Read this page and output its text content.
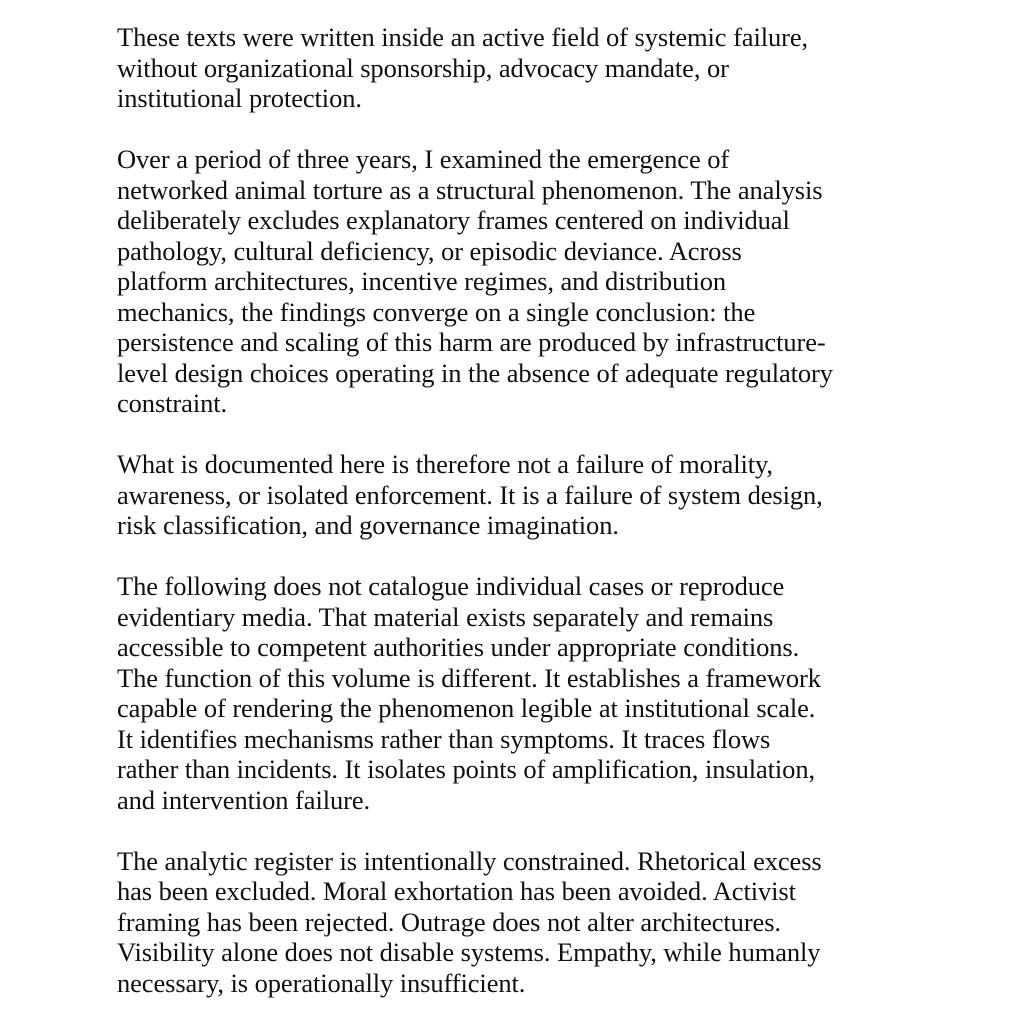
These texts were written inside an active field of systemic failure,
without organizational sponsorship, advocacy mandate, or
institutional protection.

Over a period of three years, I examined the emergence of
networked animal torture as a structural phenomenon. The analysis
deliberately excludes explanatory frames centered on individual
pathology, cultural deficiency, or episodic deviance. Across
platform architectures, incentive regimes, and distribution
mechanics, the findings converge on a single conclusion: the
persistence and scaling of this harm are produced by infrastructure-
level design choices operating in the absence of adequate regulatory
constraint.

What is documented here is therefore not a failure of morality,
awareness, or isolated enforcement. It is a failure of system design,
risk classification, and governance imagination.

The following does not catalogue individual cases or reproduce
evidentiary media. That material exists separately and remains
accessible to competent authorities under appropriate conditions.
The function of this volume is different. It establishes a framework
capable of rendering the phenomenon legible at institutional scale.
It identifies mechanisms rather than symptoms. It traces flows
rather than incidents. It isolates points of amplification, insulation,
and intervention failure.

The analytic register is intentionally constrained. Rhetorical excess
has been excluded. Moral exhortation has been avoided. Activist
framing has been rejected. Outrage does not alter architectures.
Visibility alone does not disable systems. Empathy, while humanly
necessary, is operationally insufficient.
